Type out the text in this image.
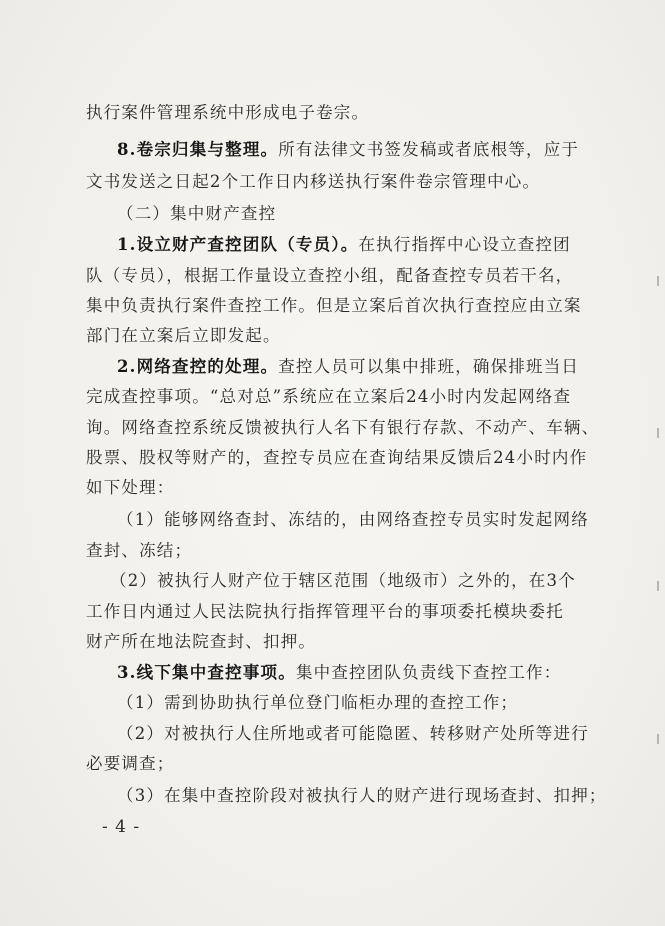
执行案件管理系统中形成电子卷宗。
8.卷宗归集与整理。所有法律文书签发稿或者底根等，应于
文书发送之日起2个工作日内移送执行案件卷宗管理中心。
（二）集中财产查控
1.设立财产查控团队（专员）。在执行指挥中心设立查控团
队（专员），根据工作量设立查控小组，配备查控专员若干名，
集中负责执行案件查控工作。但是立案后首次执行查控应由立案
部门在立案后立即发起。
2.网络查控的处理。查控人员可以集中排班，确保排班当日
完成查控事项。“总对总”系统应在立案后24小时内发起网络查
询。网络查控系统反馈被执行人名下有银行存款、不动产、车辆、
股票、股权等财产的，查控专员应在查询结果反馈后24小时内作
如下处理：
（1）能够网络查封、冻结的，由网络查控专员实时发起网络
查封、冻结；
（2）被执行人财产位于辖区范围（地级市）之外的，在3个
工作日内通过人民法院执行指挥管理平台的事项委托模块委托
财产所在地法院查封、扣押。
3.线下集中查控事项。集中查控团队负责线下查控工作：
（1）需到协助执行单位登门临柜办理的查控工作；
（2）对被执行人住所地或者可能隐匿、转移财产处所等进行
必要调查；
（3）在集中查控阶段对被执行人的财产进行现场查封、扣押；
- 4 -
